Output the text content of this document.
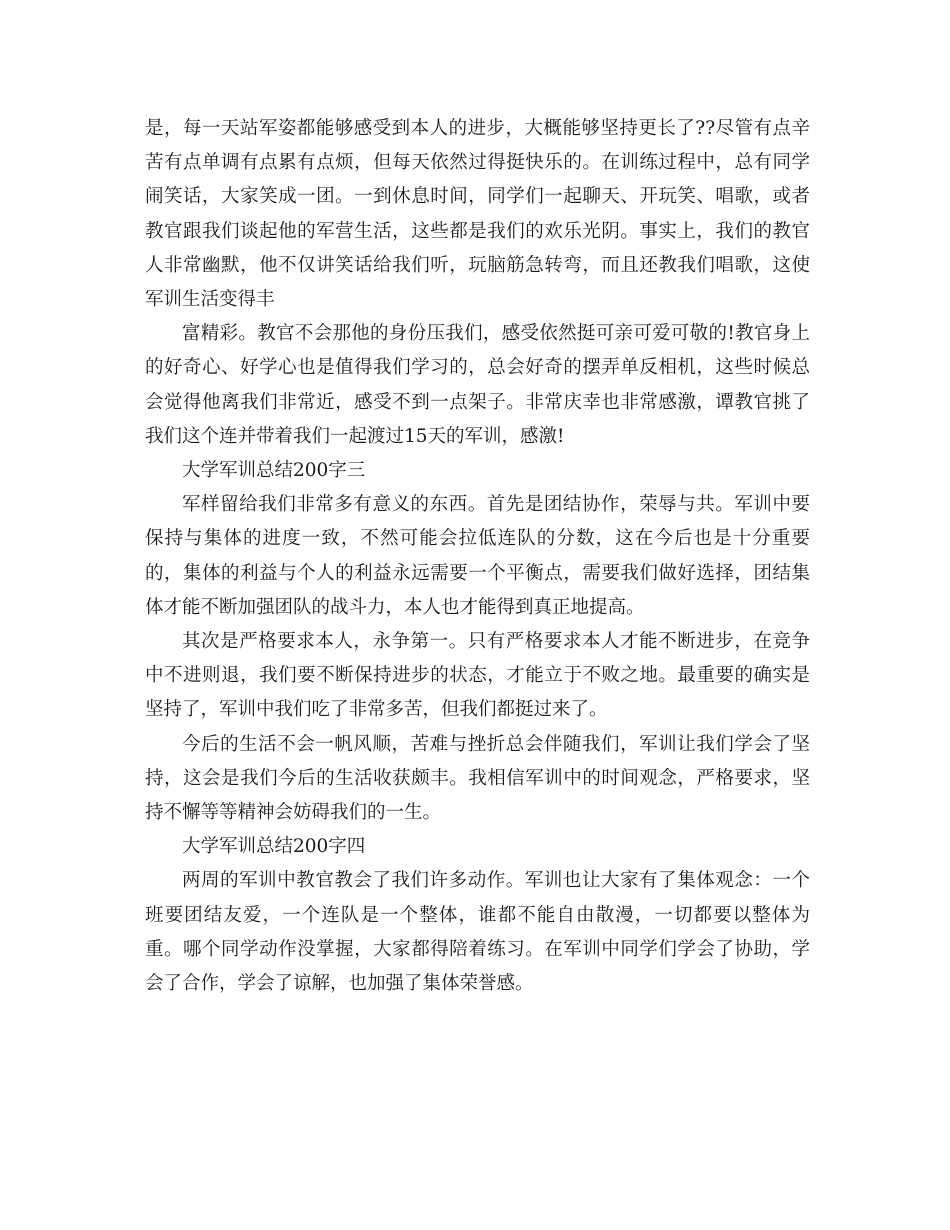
是，每一天站军姿都能够感受到本人的进步，大概能够坚持更长了??尽管有点辛苦有点单调有点累有点烦，但每天依然过得挺快乐的。在训练过程中，总有同学闹笑话，大家笑成一团。一到休息时间，同学们一起聊天、开玩笑、唱歌，或者教官跟我们谈起他的军营生活，这些都是我们的欢乐光阴。事实上，我们的教官人非常幽默，他不仅讲笑话给我们听，玩脑筋急转弯，而且还教我们唱歌，这使军训生活变得丰

富精彩。教官不会那他的身份压我们，感受依然挺可亲可爱可敬的!教官身上的好奇心、好学心也是值得我们学习的，总会好奇的摆弄单反相机，这些时候总会觉得他离我们非常近，感受不到一点架子。非常庆幸也非常感激，谭教官挑了我们这个连并带着我们一起渡过15天的军训，感激!

大学军训总结200字三

军样留给我们非常多有意义的东西。首先是团结协作，荣辱与共。军训中要保持与集体的进度一致，不然可能会拉低连队的分数，这在今后也是十分重要的，集体的利益与个人的利益永远需要一个平衡点，需要我们做好选择，团结集体才能不断加强团队的战斗力，本人也才能得到真正地提高。

其次是严格要求本人，永争第一。只有严格要求本人才能不断进步，在竞争中不进则退，我们要不断保持进步的状态，才能立于不败之地。最重要的确实是坚持了，军训中我们吃了非常多苦，但我们都挺过来了。

今后的生活不会一帆风顺，苦难与挫折总会伴随我们，军训让我们学会了坚持，这会是我们今后的生活收获颇丰。我相信军训中的时间观念，严格要求，坚持不懈等等精神会妨碍我们的一生。

大学军训总结200字四

两周的军训中教官教会了我们许多动作。军训也让大家有了集体观念：一个班要团结友爱，一个连队是一个整体，谁都不能自由散漫，一切都要以整体为重。哪个同学动作没掌握，大家都得陪着练习。在军训中同学们学会了协助，学会了合作，学会了谅解，也加强了集体荣誉感。
